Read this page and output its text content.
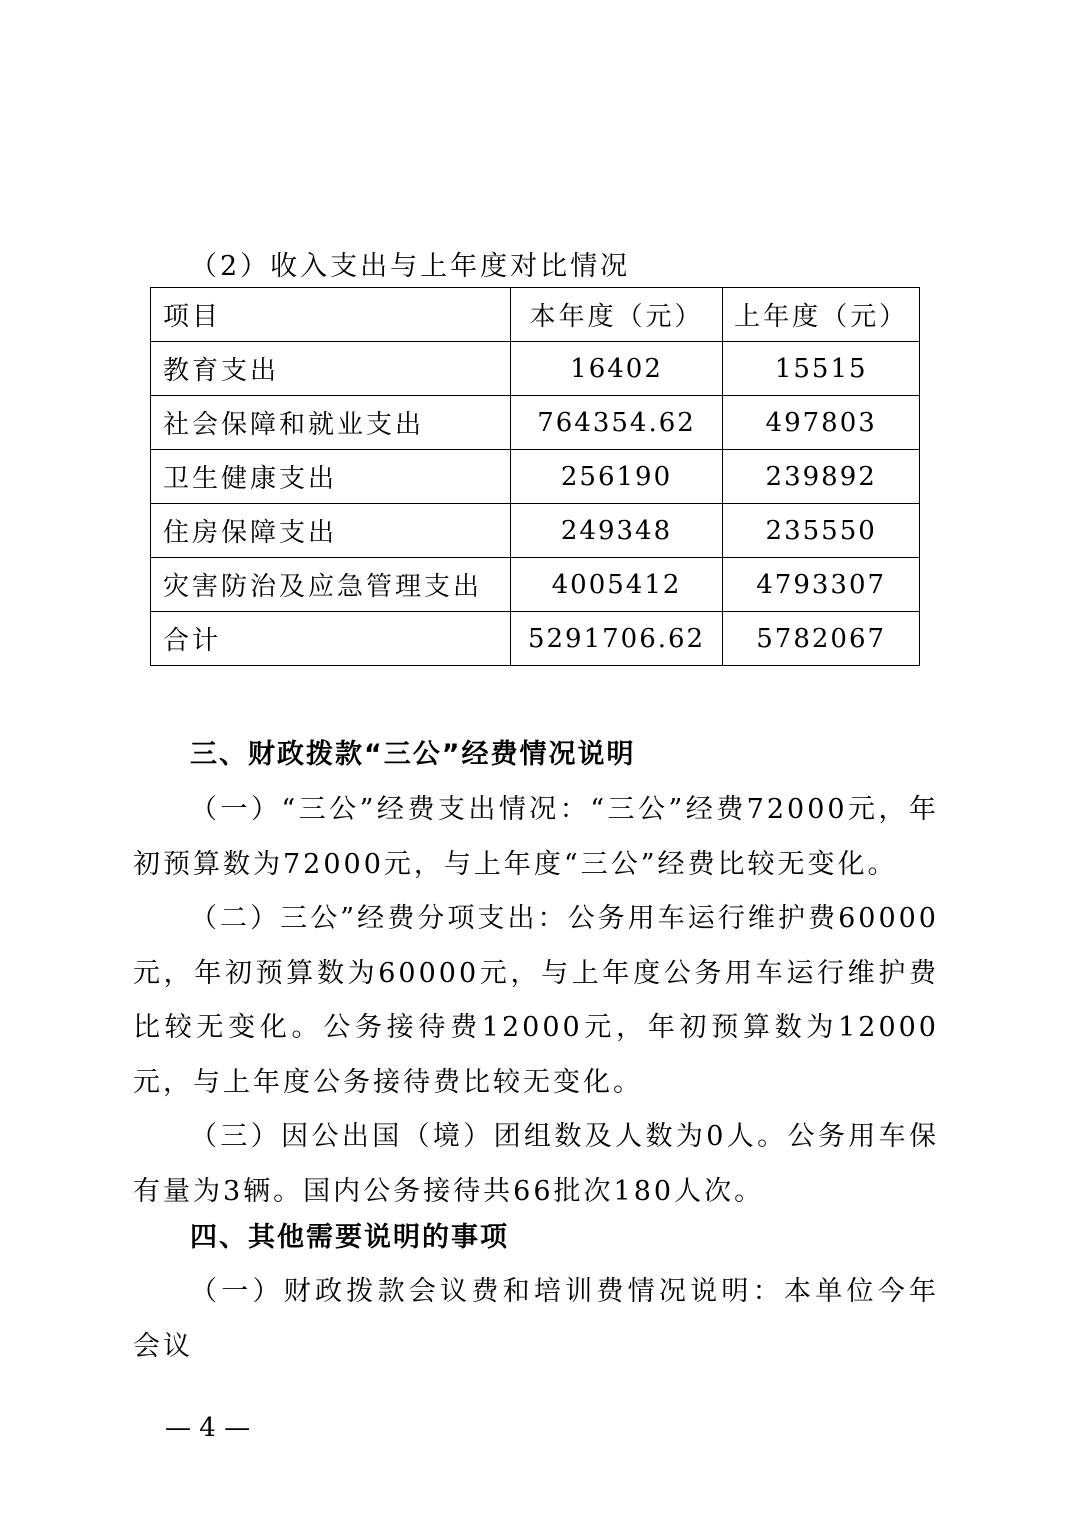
（2）收入支出与上年度对比情况
项目	本年度（元）	上年度（元）
教育支出	16402	15515
社会保障和就业支出	764354.62	497803
卫生健康支出	256190	239892
住房保障支出	249348	235550
灾害防治及应急管理支出	4005412	4793307
合计	5291706.62	5782067
三、财政拨款“三公”经费情况说明

（一）“三公”经费支出情况：“三公”经费72000元，年初预算数为72000元，与上年度“三公”经费比较无变化。

（二）三公”经费分项支出：公务用车运行维护费60000元，年初预算数为60000元，与上年度公务用车运行维护费比较无变化。公务接待费12000元，年初预算数为12000元，与上年度公务接待费比较无变化。

（三）因公出国（境）团组数及人数为0人。公务用车保有量为3辆。国内公务接待共66批次180人次。

四、其他需要说明的事项

（一）财政拨款会议费和培训费情况说明：本单位今年会议

— 4 —
